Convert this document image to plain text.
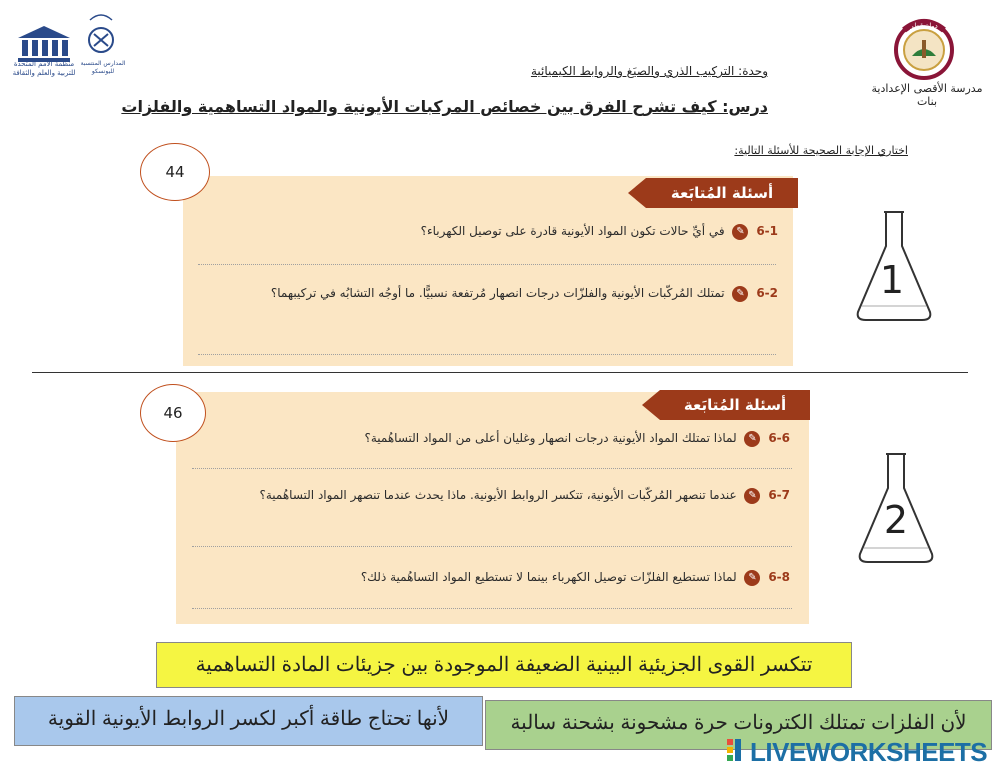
دولة قطر
مدرسة الأقصى الإعدادية بنات
منظمة الأمم المتحدة للتربية والعلم والثقافة
المدارس المنتسبة لليونسكو	وحدة: التركيب الذري والصيَغ والروابط الكيميائية
درس: كيف تشرح الفرق بين خصائص المركبات الأيونية والمواد التساهمية والفلزات
اختاري الإجابة الصحيحة للأسئلة التالية:
أسئلة المُتابَعة
44
6-1 ✎ في أيِّ حالات تكون المواد الأيونية قادرة على توصيل الكهرباء؟
6-2 ✎ تمتلك المُركّبات الأيونية والفلزّات درجات انصهار مُرتفعة نسبيًّا. ما أوجُه التشابُه في تركيبهما؟	1
أسئلة المُتابَعة
46
6-6 ✎ لماذا تمتلك المواد الأيونية درجات انصهار وغليان أعلى من المواد التساهُمية؟
6-7 ✎ عندما تنصهر المُركّبات الأيونية، تتكسر الروابط الأيونية. ماذا يحدث عندما تنصهر المواد التساهُمية؟
6-8 ✎ لماذا تستطيع الفلزّات توصيل الكهرباء بينما لا تستطيع المواد التساهُمية ذلك؟
2
تتكسر القوى الجزيئية البينية الضعيفة الموجودة بين جزيئات المادة التساهمية
لأنها تحتاج طاقة أكبر لكسر الروابط الأيونية القوية	لأن الفلزات تمتلك الكترونات حرة مشحونة بشحنة سالبة
LIVEWORKSHEETS
